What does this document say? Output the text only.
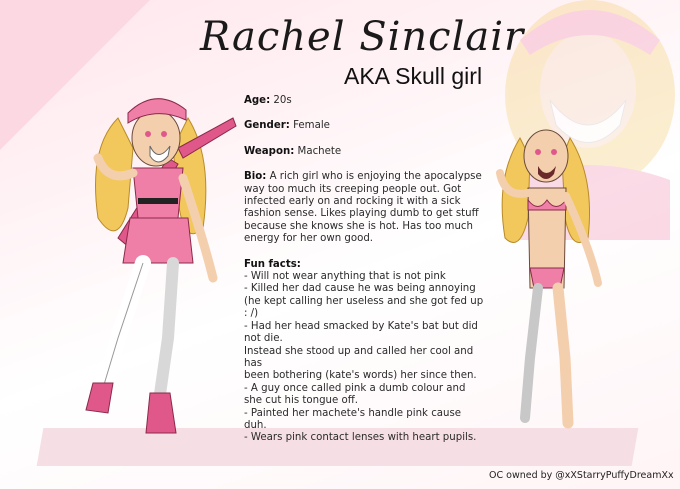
Rachel Sinclair
AKA Skull girl

Age: 20s

Gender: Female

Weapon: Machete

Bio: A rich girl who is enjoying the apocalypse

way too much its creeping people out. Got

infected early on and rocking it with a sick

fashion sense. Likes playing dumb to get stuff

because she knows she is hot. Has too much

energy for her own good.

Fun facts:

- Will not wear anything that is not pink

- Killed her dad cause he was being annoying

(he kept calling her useless and she got fed up : /)

- Had her head smacked by Kate's bat but did not die.

Instead she stood up and called her cool and has

been bothering (kate's words) her since then.

- A guy once called pink a dumb colour and

she cut his tongue off.

- Painted her machete's handle pink cause duh.

- Wears pink contact lenses with heart pupils.

OC owned by @xXStarryPuffyDreamXx
